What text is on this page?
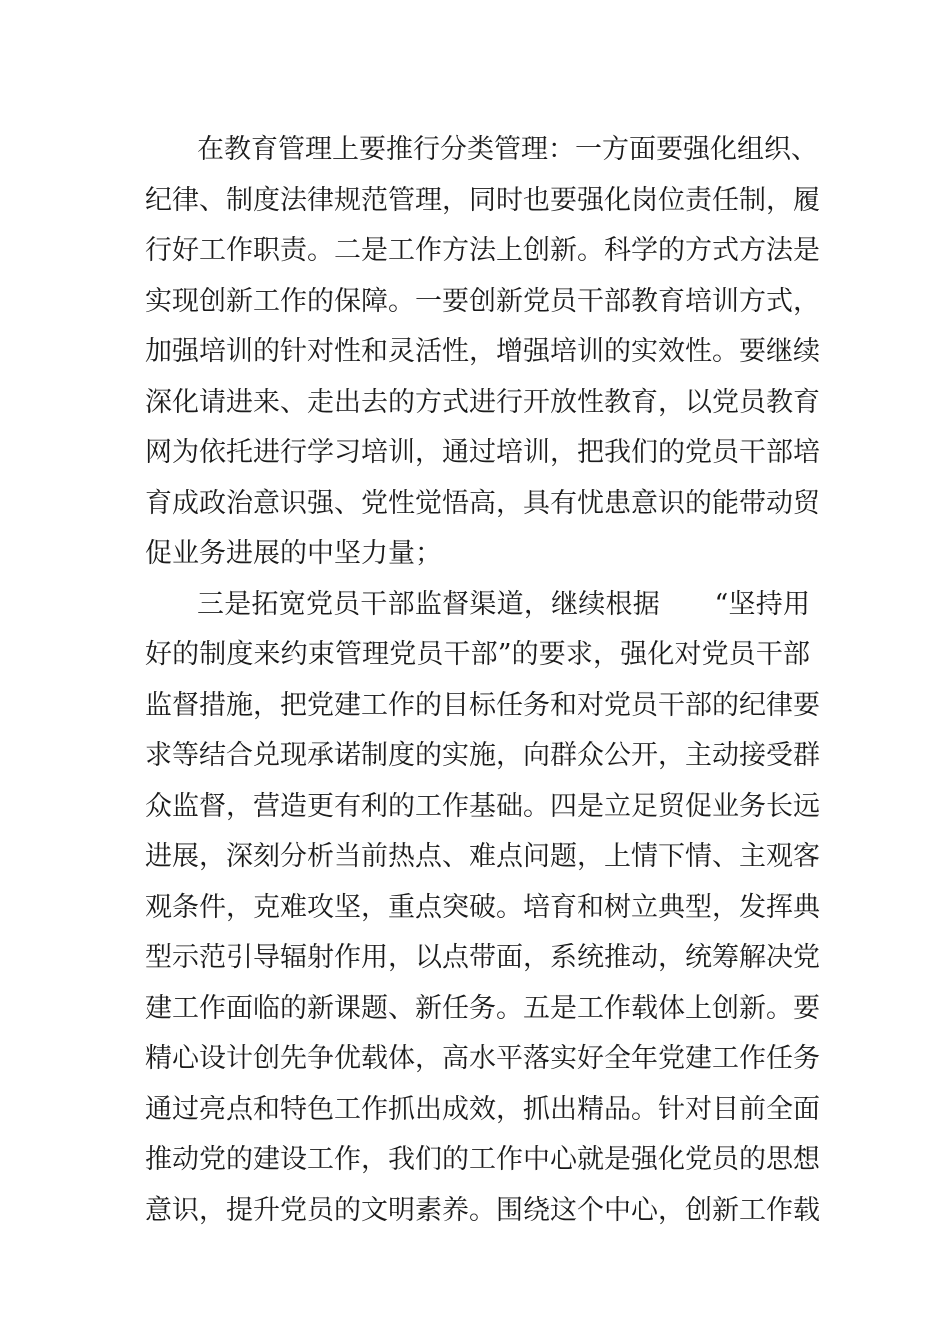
在教育管理上要推行分类管理：一方面要强化组织、
纪律、制度法律规范管理，同时也要强化岗位责任制，履
行好工作职责。二是工作方法上创新。科学的方式方法是
实现创新工作的保障。一要创新党员干部教育培训方式，
加强培训的针对性和灵活性，增强培训的实效性。要继续
深化请进来、走出去的方式进行开放性教育，以党员教育
网为依托进行学习培训，通过培训，把我们的党员干部培
育成政治意识强、党性觉悟高，具有忧患意识的能带动贸
促业务进展的中坚力量；
三是拓宽党员干部监督渠道，继续根据　　“坚持用
好的制度来约束管理党员干部”的要求，强化对党员干部
监督措施，把党建工作的目标任务和对党员干部的纪律要
求等结合兑现承诺制度的实施，向群众公开，主动接受群
众监督，营造更有利的工作基础。四是立足贸促业务长远
进展，深刻分析当前热点、难点问题，上情下情、主观客
观条件，克难攻坚，重点突破。培育和树立典型，发挥典
型示范引导辐射作用，以点带面，系统推动，统筹解决党
建工作面临的新课题、新任务。五是工作载体上创新。要
精心设计创先争优载体，高水平落实好全年党建工作任务
通过亮点和特色工作抓出成效，抓出精品。针对目前全面
推动党的建设工作，我们的工作中心就是强化党员的思想
意识，提升党员的文明素养。围绕这个中心，创新工作载
